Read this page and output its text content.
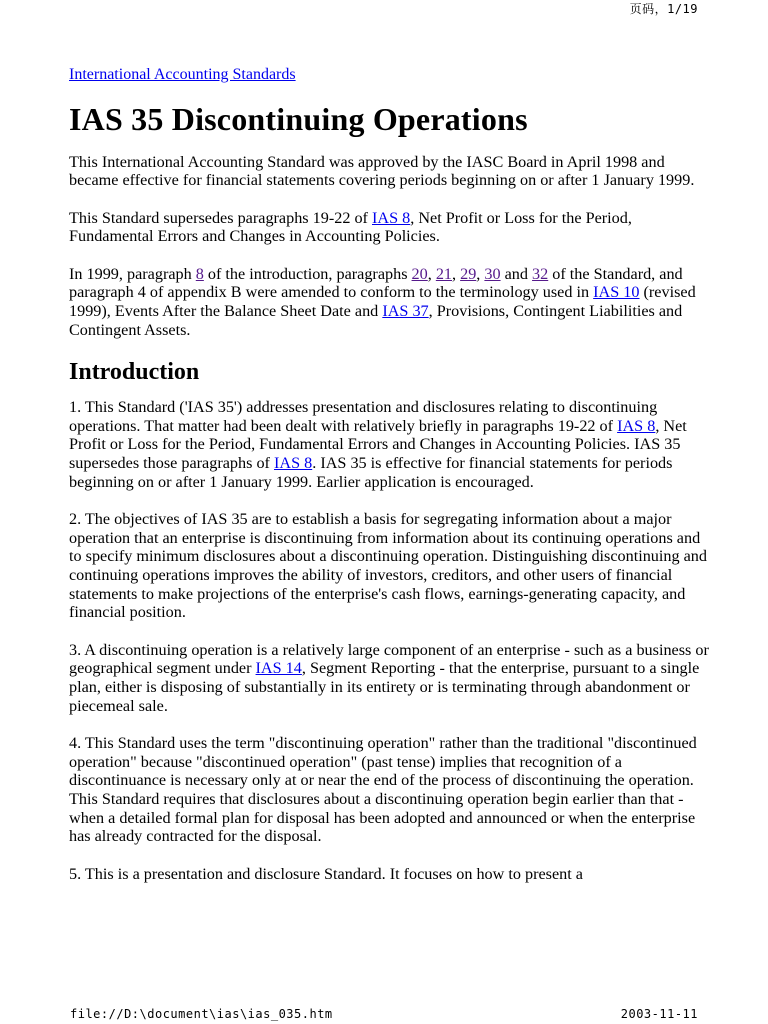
页码，1/19

International Accounting Standards

IAS 35 Discontinuing Operations

This International Accounting Standard was approved by the IASC Board in April 1998 and became effective for financial statements covering periods beginning on or after 1 January 1999.

This Standard supersedes paragraphs 19-22 of IAS 8, Net Profit or Loss for the Period, Fundamental Errors and Changes in Accounting Policies.

In 1999, paragraph 8 of the introduction, paragraphs 20, 21, 29, 30 and 32 of the Standard, and paragraph 4 of appendix B were amended to conform to the terminology used in IAS 10 (revised 1999), Events After the Balance Sheet Date and IAS 37, Provisions, Contingent Liabilities and Contingent Assets.

Introduction

1. This Standard ('IAS 35') addresses presentation and disclosures relating to discontinuing operations. That matter had been dealt with relatively briefly in paragraphs 19-22 of IAS 8, Net Profit or Loss for the Period, Fundamental Errors and Changes in Accounting Policies. IAS 35 supersedes those paragraphs of IAS 8. IAS 35 is effective for financial statements for periods beginning on or after 1 January 1999. Earlier application is encouraged.

2. The objectives of IAS 35 are to establish a basis for segregating information about a major operation that an enterprise is discontinuing from information about its continuing operations and to specify minimum disclosures about a discontinuing operation. Distinguishing discontinuing and continuing operations improves the ability of investors, creditors, and other users of financial statements to make projections of the enterprise's cash flows, earnings-generating capacity, and financial position.

3. A discontinuing operation is a relatively large component of an enterprise - such as a business or geographical segment under IAS 14, Segment Reporting - that the enterprise, pursuant to a single plan, either is disposing of substantially in its entirety or is terminating through abandonment or piecemeal sale.

4. This Standard uses the term "discontinuing operation" rather than the traditional "discontinued operation" because "discontinued operation" (past tense) implies that recognition of a discontinuance is necessary only at or near the end of the process of discontinuing the operation. This Standard requires that disclosures about a discontinuing operation begin earlier than that - when a detailed formal plan for disposal has been adopted and announced or when the enterprise has already contracted for the disposal.

5. This is a presentation and disclosure Standard. It focuses on how to present a

file://D:\document\ias\ias_035.htm	2003-11-11
